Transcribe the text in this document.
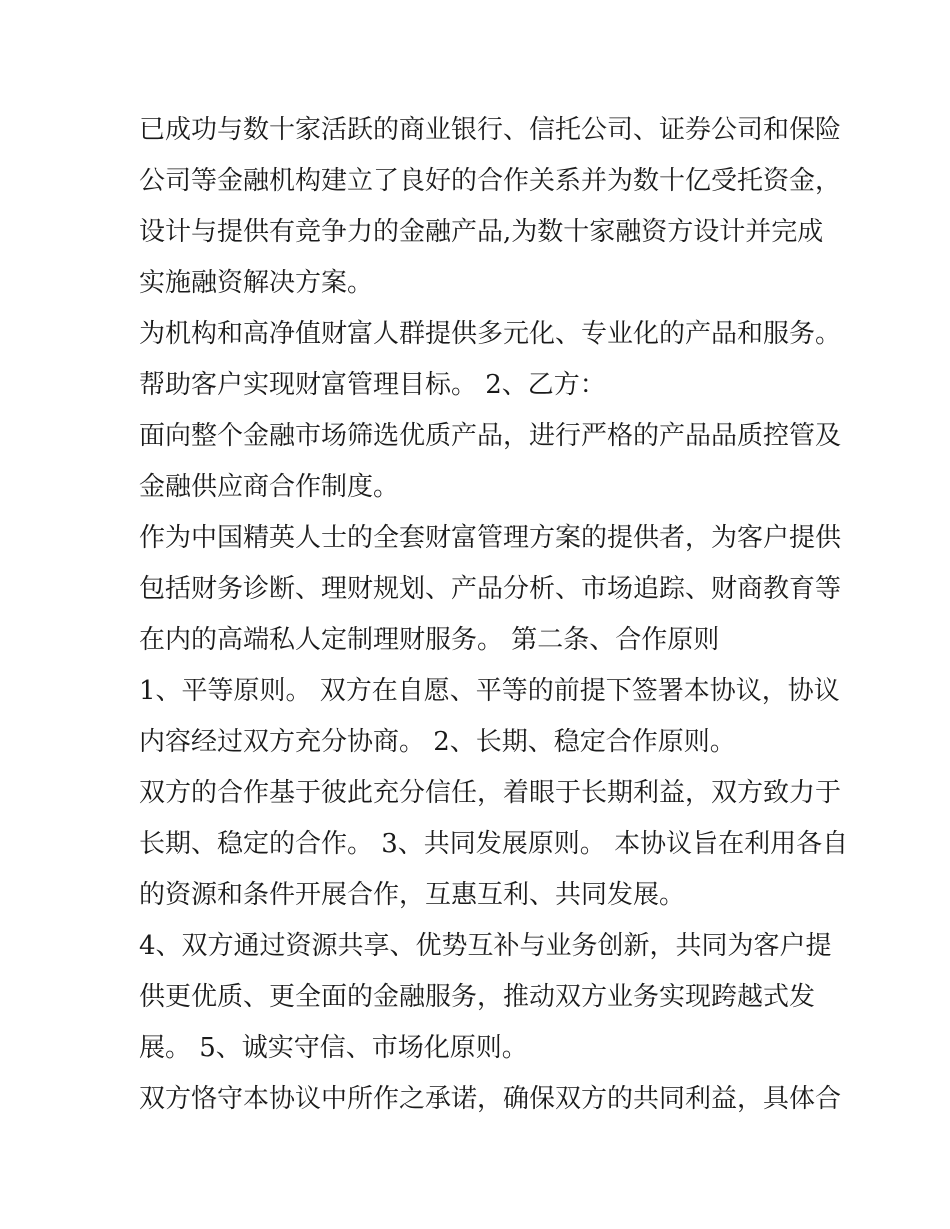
已成功与数十家活跃的商业银行、信托公司、证券公司和保险
公司等金融机构建立了良好的合作关系并为数十亿受托资金，
设计与提供有竞争力的金融产品,为数十家融资方设计并完成
实施融资解决方案。
为机构和高净值财富人群提供多元化、专业化的产品和服务。
帮助客户实现财富管理目标。 2、乙方：
面向整个金融市场筛选优质产品，进行严格的产品品质控管及
金融供应商合作制度。
作为中国精英人士的全套财富管理方案的提供者，为客户提供
包括财务诊断、理财规划、产品分析、市场追踪、财商教育等
在内的高端私人定制理财服务。 第二条、合作原则
1、平等原则。 双方在自愿、平等的前提下签署本协议，协议
内容经过双方充分协商。 2、长期、稳定合作原则。
双方的合作基于彼此充分信任，着眼于长期利益，双方致力于
长期、稳定的合作。 3、共同发展原则。 本协议旨在利用各自
的资源和条件开展合作，互惠互利、共同发展。
4、双方通过资源共享、优势互补与业务创新，共同为客户提
供更优质、更全面的金融服务，推动双方业务实现跨越式发
展。 5、诚实守信、市场化原则。
双方恪守本协议中所作之承诺，确保双方的共同利益，具体合
